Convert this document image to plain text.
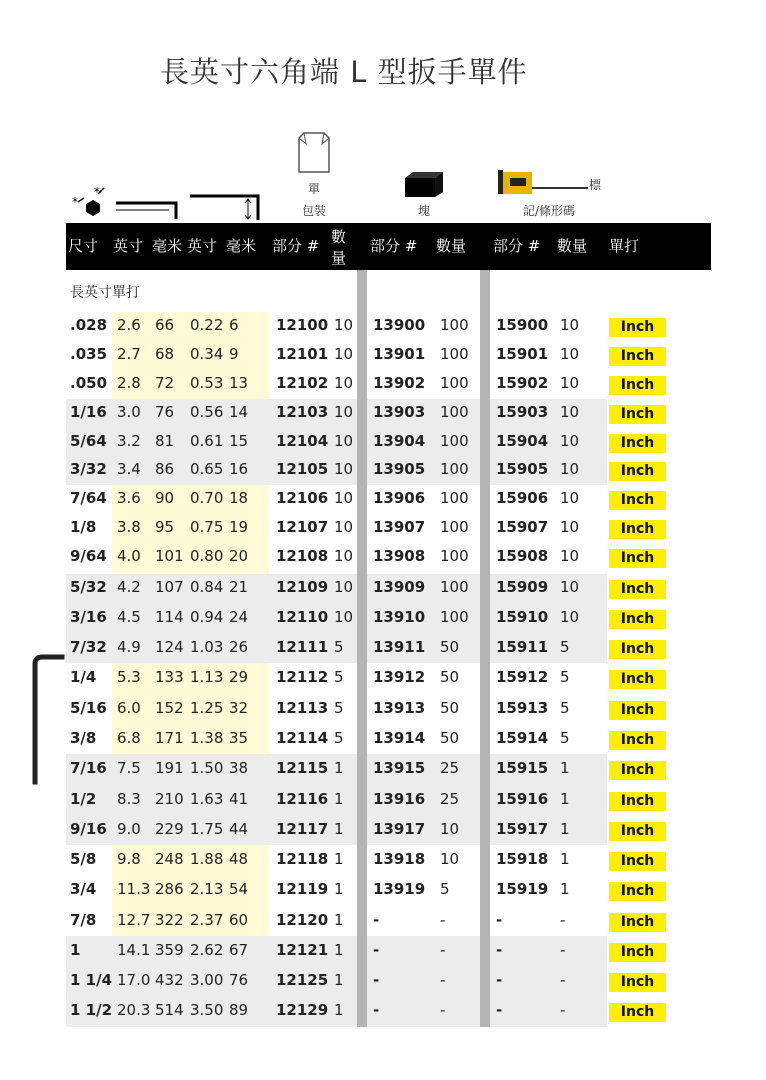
長英寸六角端 L 型扳手單件
*
*	單
包裝	塊
標
記/條形碼
尺寸 英寸 毫米 英寸 毫米 部分 # 數
量
部分 # 數量 部分 # 數量 單打
長英寸單打
.028 2.6 66 0.22 6 12100 10 13900 100 15900 10	Inch
.035 2.7 68 0.34 9 12101 10 13901 100 15901 10	Inch
.050 2.8 72 0.53 13 12102 10 13902 100 15902 10	Inch
1/16 3.0 76 0.56 14 12103 10 13903 100 15903 10	Inch
5/64 3.2 81 0.61 15 12104 10 13904 100 15904 10	Inch
3/32 3.4 86 0.65 16 12105 10 13905 100 15905 10	Inch
7/64 3.6 90 0.70 18 12106 10 13906 100 15906 10	Inch
1/8 3.8 95 0.75 19 12107 10 13907 100 15907 10	Inch
9/64 4.0 101 0.80 20 12108 10 13908 100 15908 10	Inch
5/32 4.2 107 0.84 21 12109 10 13909 100 15909 10	Inch
3/16 4.5 114 0.94 24 12110 10 13910 100 15910 10	Inch
7/32 4.9 124 1.03 26 12111 5 13911 50 15911 5	Inch
1/4 5.3 133 1.13 29 12112 5 13912 50 15912 5	Inch
5/16 6.0 152 1.25 32 12113 5 13913 50 15913 5	Inch
3/8 6.8 171 1.38 35 12114 5 13914 50 15914 5	Inch
7/16 7.5 191 1.50 38 12115 1 13915 25 15915 1	Inch
1/2 8.3 210 1.63 41 12116 1 13916 25 15916 1	Inch
9/16 9.0 229 1.75 44 12117 1 13917 10 15917 1	Inch
5/8 9.8 248 1.88 48 12118 1 13918 10 15918 1	Inch
3/4 11.3 286 2.13 54 12119 1 13919 5	15919 1	Inch
7/8 12.7 322 2.37 60 12120 1 -	-	-	-	Inch
1 14.1 359 2.62 67 12121 1 -	-	-	-	Inch
1 1/4 17.0 432 3.00 76 12125 1 -	-	-	-	Inch
1 1/2 20.3 514 3.50 89 12129 1 -	-	-	-	Inch
